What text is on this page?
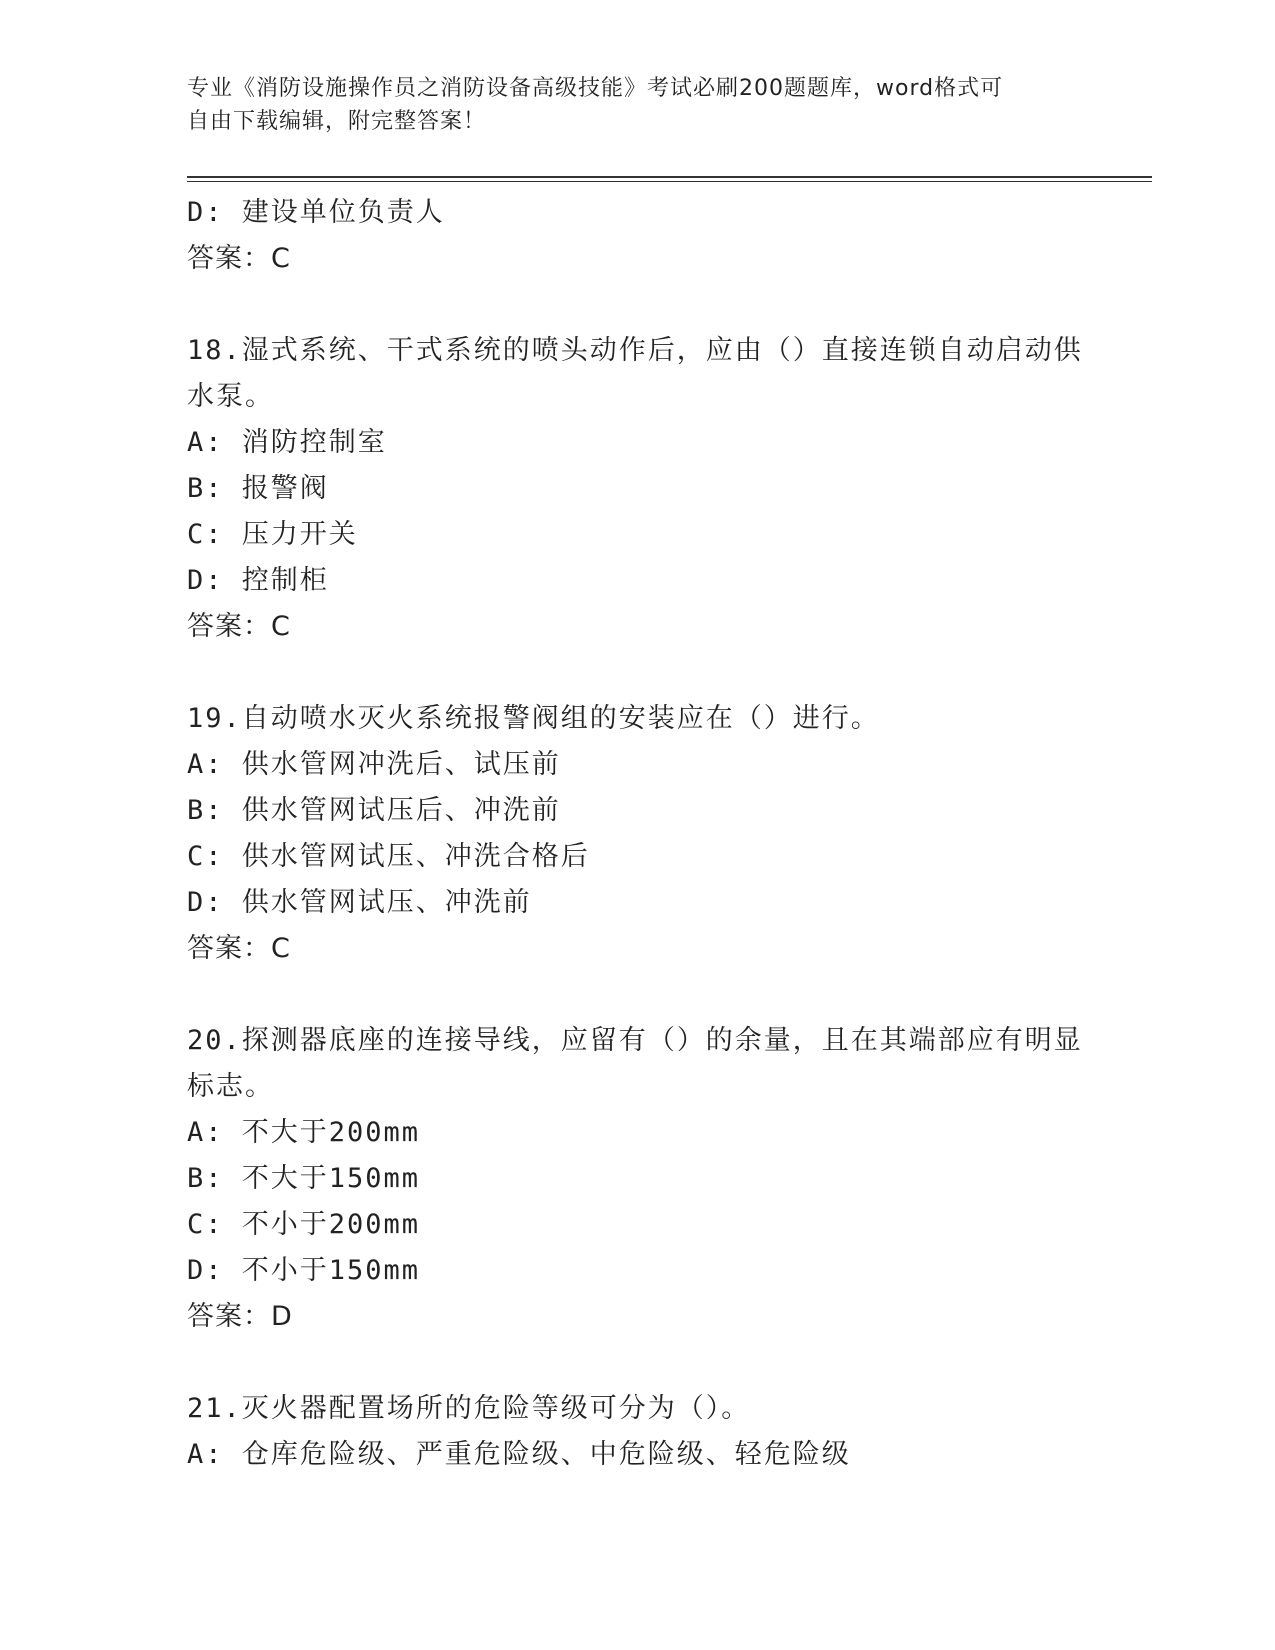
专业《消防设施操作员之消防设备高级技能》考试必刷200题题库，word格式可
自由下载编辑，附完整答案！
D: 建设单位负责人
答案：C
18.湿式系统、干式系统的喷头动作后，应由（）直接连锁自动启动供
水泵。
A: 消防控制室
B: 报警阀
C: 压力开关
D: 控制柜
答案：C
19.自动喷水灭火系统报警阀组的安装应在（）进行。
A: 供水管网冲洗后、试压前
B: 供水管网试压后、冲洗前
C: 供水管网试压、冲洗合格后
D: 供水管网试压、冲洗前
答案：C
20.探测器底座的连接导线，应留有（）的余量，且在其端部应有明显
标志。
A: 不大于200mm
B: 不大于150mm
C: 不小于200mm
D: 不小于150mm
答案：D
21.灭火器配置场所的危险等级可分为（）。
A: 仓库危险级、严重危险级、中危险级、轻危险级
